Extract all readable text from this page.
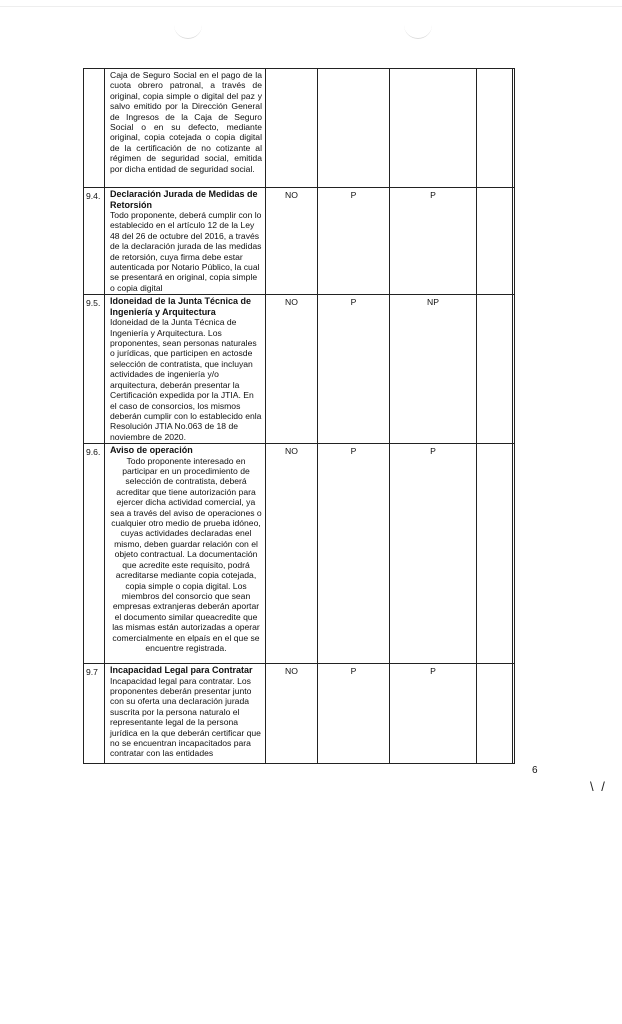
	Caja de Seguro Social en el pago de la cuota obrero patronal, a través de original, copia simple o digital del paz y salvo emitido por la Dirección General de Ingresos de la Caja de Seguro Social o en su defecto, mediante original, copia cotejada o copia digital de la certificación de no cotizante al régimen de seguridad social, emitida por dicha entidad de seguridad social.					

9.4.	Declaración Jurada de Medidas de Retorsión
Todo proponente, deberá cumplir con lo establecido en el artículo 12 de la Ley 48 del 26 de octubre del 2016, a través de la declaración jurada de las medidas de retorsión, cuya firma debe estar autenticada por Notario Público, la cual se presentará en original, copia simple o copia digital	NO	P	P		
9.5.	Idoneidad de la Junta Técnica de Ingeniería y Arquitectura
Idoneidad de la Junta Técnica de Ingeniería y Arquitectura. Los proponentes, sean personas naturales o jurídicas, que participen en actosde selección de contratista, que incluyan actividades de ingeniería y/o arquitectura, deberán presentar la Certificación expedida por la JTIA. En el caso de consorcios, los mismos deberán cumplir con lo establecido enla Resolución JTIA No.063 de 18 de noviembre de 2020.	NO	P	NP		
9.6.	Aviso de operación
Todo proponente interesado en participar en un procedimiento de selección de contratista, deberá acreditar que tiene autorización para ejercer dicha actividad comercial, ya sea a través del aviso de operaciones o cualquier otro medio de prueba idóneo, cuyas actividades declaradas enel mismo, deben guardar relación con el objeto contractual. La documentación que acredite este requisito, podrá acreditarse mediante copia cotejada, copia simple o copia digital. Los miembros del consorcio que sean empresas extranjeras deberán aportar el documento similar queacredite que las mismas están autorizadas a operar comercialmente en elpaís en el que se encuentre registrada.	NO	P	P		
9.7	Incapacidad Legal para Contratar
Incapacidad legal para contratar. Los proponentes deberán presentar junto con su oferta una declaración jurada suscrita por la persona naturalo el representante legal de la persona jurídica en la que deberán certificar que no se encuentran incapacitados para contratar con las entidades	NO	P	P		
6
\ /
